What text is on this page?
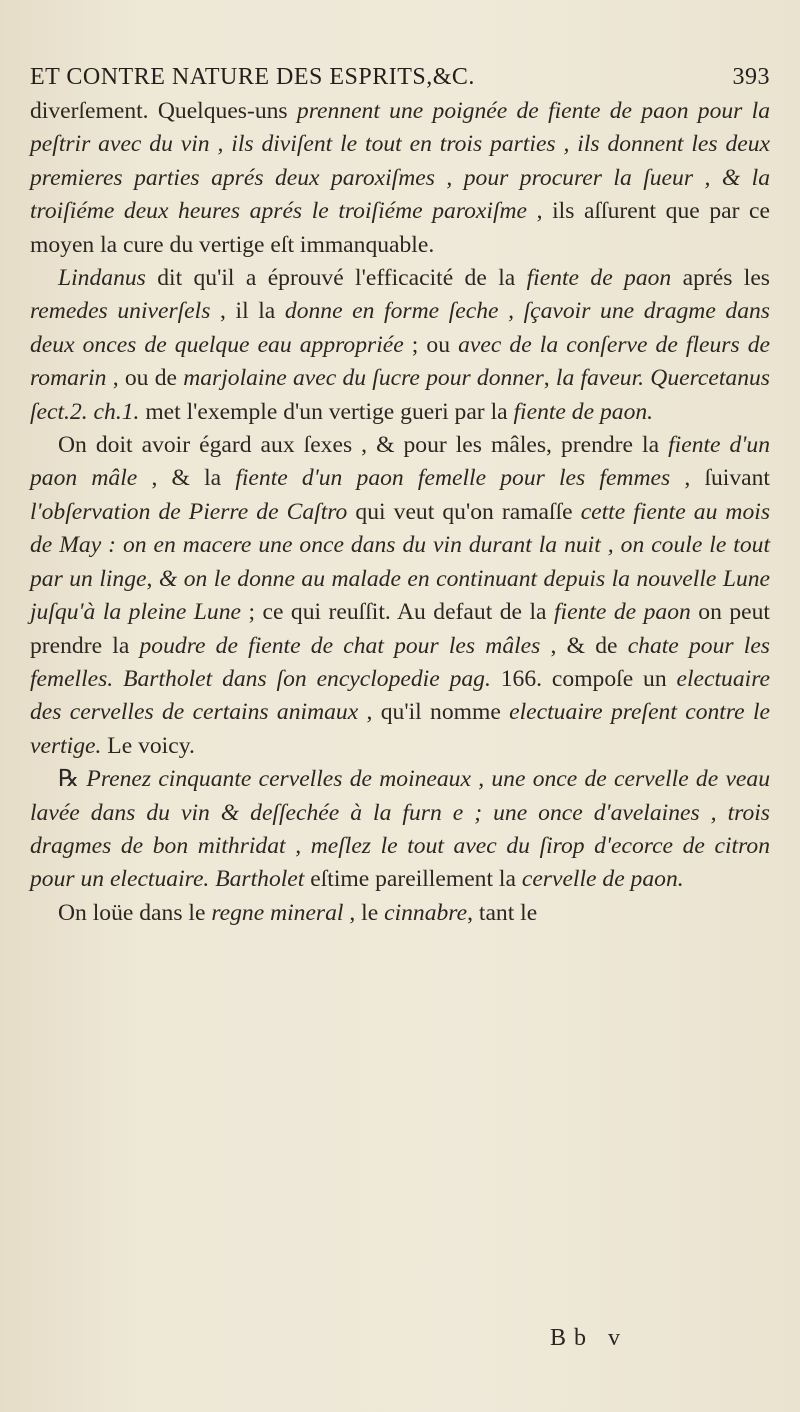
ET CONTRE NATURE DES ESPRITS,&C.	393

diverſement. Quelques-uns prennent une poignée de fiente de paon pour la peſtrir avec du vin , ils diviſent le tout en trois parties , ils donnent les deux premieres parties aprés deux paroxiſmes , pour procurer la ſueur , & la troiſiéme deux heures aprés le troiſiéme paroxiſme , ils aſſurent que par ce moyen la cure du vertige eſt immanquable.

Lindanus dit qu'il a éprouvé l'efficacité de la fiente de paon aprés les remedes univerſels , il la donne en forme ſeche , ſçavoir une dragme dans deux onces de quelque eau appropriée ; ou avec de la conſerve de fleurs de romarin , ou de marjolaine avec du ſucre pour donner, la faveur. Quercetanus ſect.2. ch.1. met l'exemple d'un vertige gueri par la fiente de paon.

On doit avoir égard aux ſexes , & pour les mâles, prendre la fiente d'un paon mâle , & la fiente d'un paon femelle pour les femmes , ſuivant l'obſervation de Pierre de Caſtro qui veut qu'on ramaſſe cette fiente au mois de May : on en macere une once dans du vin durant la nuit , on coule le tout par un linge, & on le donne au malade en continuant depuis la nouvelle Lune juſqu'à la pleine Lune ; ce qui reuſſit. Au defaut de la fiente de paon on peut prendre la poudre de fiente de chat pour les mâles , & de chate pour les femelles. Bartholet dans ſon encyclopedie pag. 166. compoſe un electuaire des cervelles de certains animaux , qu'il nomme electuaire preſent contre le vertige. Le voicy.

℞ Prenez cinquante cervelles de moineaux , une once de cervelle de veau lavée dans du vin & deſſechée à la furn e ; une once d'avelaines , trois dragmes de bon mithridat , meſlez le tout avec du ſirop d'ecorce de citron pour un electuaire. Bartholet eſtime pareillement la cervelle de paon.

On loüe dans le regne mineral , le cinnabre, tant le

Bb v
